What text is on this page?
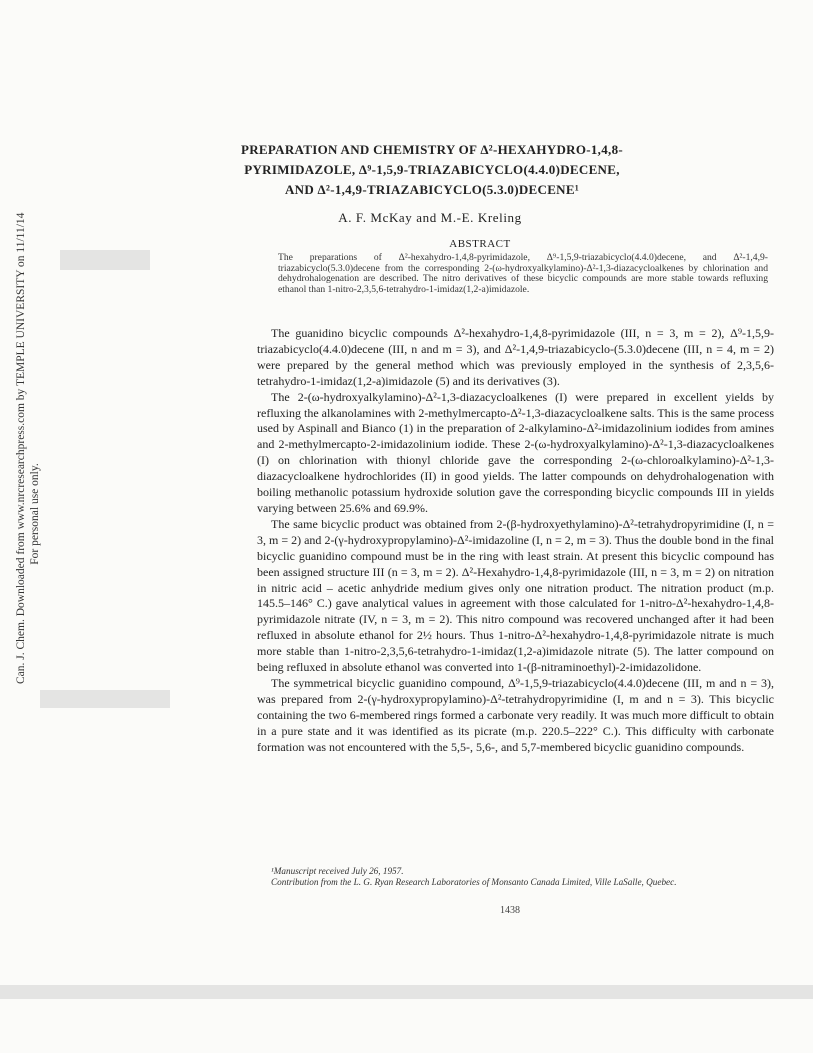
Can. J. Chem. Downloaded from www.nrcresearchpress.com by TEMPLE UNIVERSITY on 11/11/14 For personal use only.
PREPARATION AND CHEMISTRY OF Δ²-HEXAHYDRO-1,4,8-
PYRIMIDAZOLE, Δ⁹-1,5,9-TRIAZABICYCLO(4.4.0)DECENE,
AND Δ²-1,4,9-TRIAZABICYCLO(5.3.0)DECENE¹
A. F. McKay and M.-E. Kreling
ABSTRACT
The preparations of Δ²-hexahydro-1,4,8-pyrimidazole, Δ⁹-1,5,9-triazabicyclo(4.4.0)decene, and Δ²-1,4,9-triazabicyclo(5.3.0)decene from the corresponding 2-(ω-hydroxyalkylamino)-Δ²-1,3-diazacycloalkenes by chlorination and dehydrohalogenation are described. The nitro derivatives of these bicyclic compounds are more stable towards refluxing ethanol than 1-nitro-2,3,5,6-tetrahydro-1-imidaz(1,2-a)imidazole.

The guanidino bicyclic compounds Δ²-hexahydro-1,4,8-pyrimidazole (III, n = 3, m = 2), Δ⁹-1,5,9-triazabicyclo(4.4.0)decene (III, n and m = 3), and Δ²-1,4,9-triazabicyclo-(5.3.0)decene (III, n = 4, m = 2) were prepared by the general method which was previously employed in the synthesis of 2,3,5,6-tetrahydro-1-imidaz(1,2-a)imidazole (5) and its derivatives (3).

The 2-(ω-hydroxyalkylamino)-Δ²-1,3-diazacycloalkenes (I) were prepared in excellent yields by refluxing the alkanolamines with 2-methylmercapto-Δ²-1,3-diazacycloalkene salts. This is the same process used by Aspinall and Bianco (1) in the preparation of 2-alkylamino-Δ²-imidazolinium iodides from amines and 2-methylmercapto-2-imidazolinium iodide. These 2-(ω-hydroxyalkylamino)-Δ²-1,3-diazacycloalkenes (I) on chlorination with thionyl chloride gave the corresponding 2-(ω-chloroalkylamino)-Δ²-1,3-diazacycloalkene hydrochlorides (II) in good yields. The latter compounds on dehydrohalogenation with boiling methanolic potassium hydroxide solution gave the corresponding bicyclic compounds III in yields varying between 25.6% and 69.9%.

The same bicyclic product was obtained from 2-(β-hydroxyethylamino)-Δ²-tetrahydropyrimidine (I, n = 3, m = 2) and 2-(γ-hydroxypropylamino)-Δ²-imidazoline (I, n = 2, m = 3). Thus the double bond in the final bicyclic guanidino compound must be in the ring with least strain. At present this bicyclic compound has been assigned structure III (n = 3, m = 2). Δ²-Hexahydro-1,4,8-pyrimidazole (III, n = 3, m = 2) on nitration in nitric acid – acetic anhydride medium gives only one nitration product. The nitration product (m.p. 145.5–146° C.) gave analytical values in agreement with those calculated for 1-nitro-Δ²-hexahydro-1,4,8-pyrimidazole nitrate (IV, n = 3, m = 2). This nitro compound was recovered unchanged after it had been refluxed in absolute ethanol for 2½ hours. Thus 1-nitro-Δ²-hexahydro-1,4,8-pyrimidazole nitrate is much more stable than 1-nitro-2,3,5,6-tetrahydro-1-imidaz(1,2-a)imidazole nitrate (5). The latter compound on being refluxed in absolute ethanol was converted into 1-(β-nitraminoethyl)-2-imidazolidone.

The symmetrical bicyclic guanidino compound, Δ⁹-1,5,9-triazabicyclo(4.4.0)decene (III, m and n = 3), was prepared from 2-(γ-hydroxypropylamino)-Δ²-tetrahydropyrimidine (I, m and n = 3). This bicyclic containing the two 6-membered rings formed a carbonate very readily. It was much more difficult to obtain in a pure state and it was identified as its picrate (m.p. 220.5–222° C.). This difficulty with carbonate formation was not encountered with the 5,5-, 5,6-, and 5,7-membered bicyclic guanidino compounds.

¹Manuscript received July 26, 1957.

Contribution from the L. G. Ryan Research Laboratories of Monsanto Canada Limited, Ville LaSalle, Quebec.

1438
